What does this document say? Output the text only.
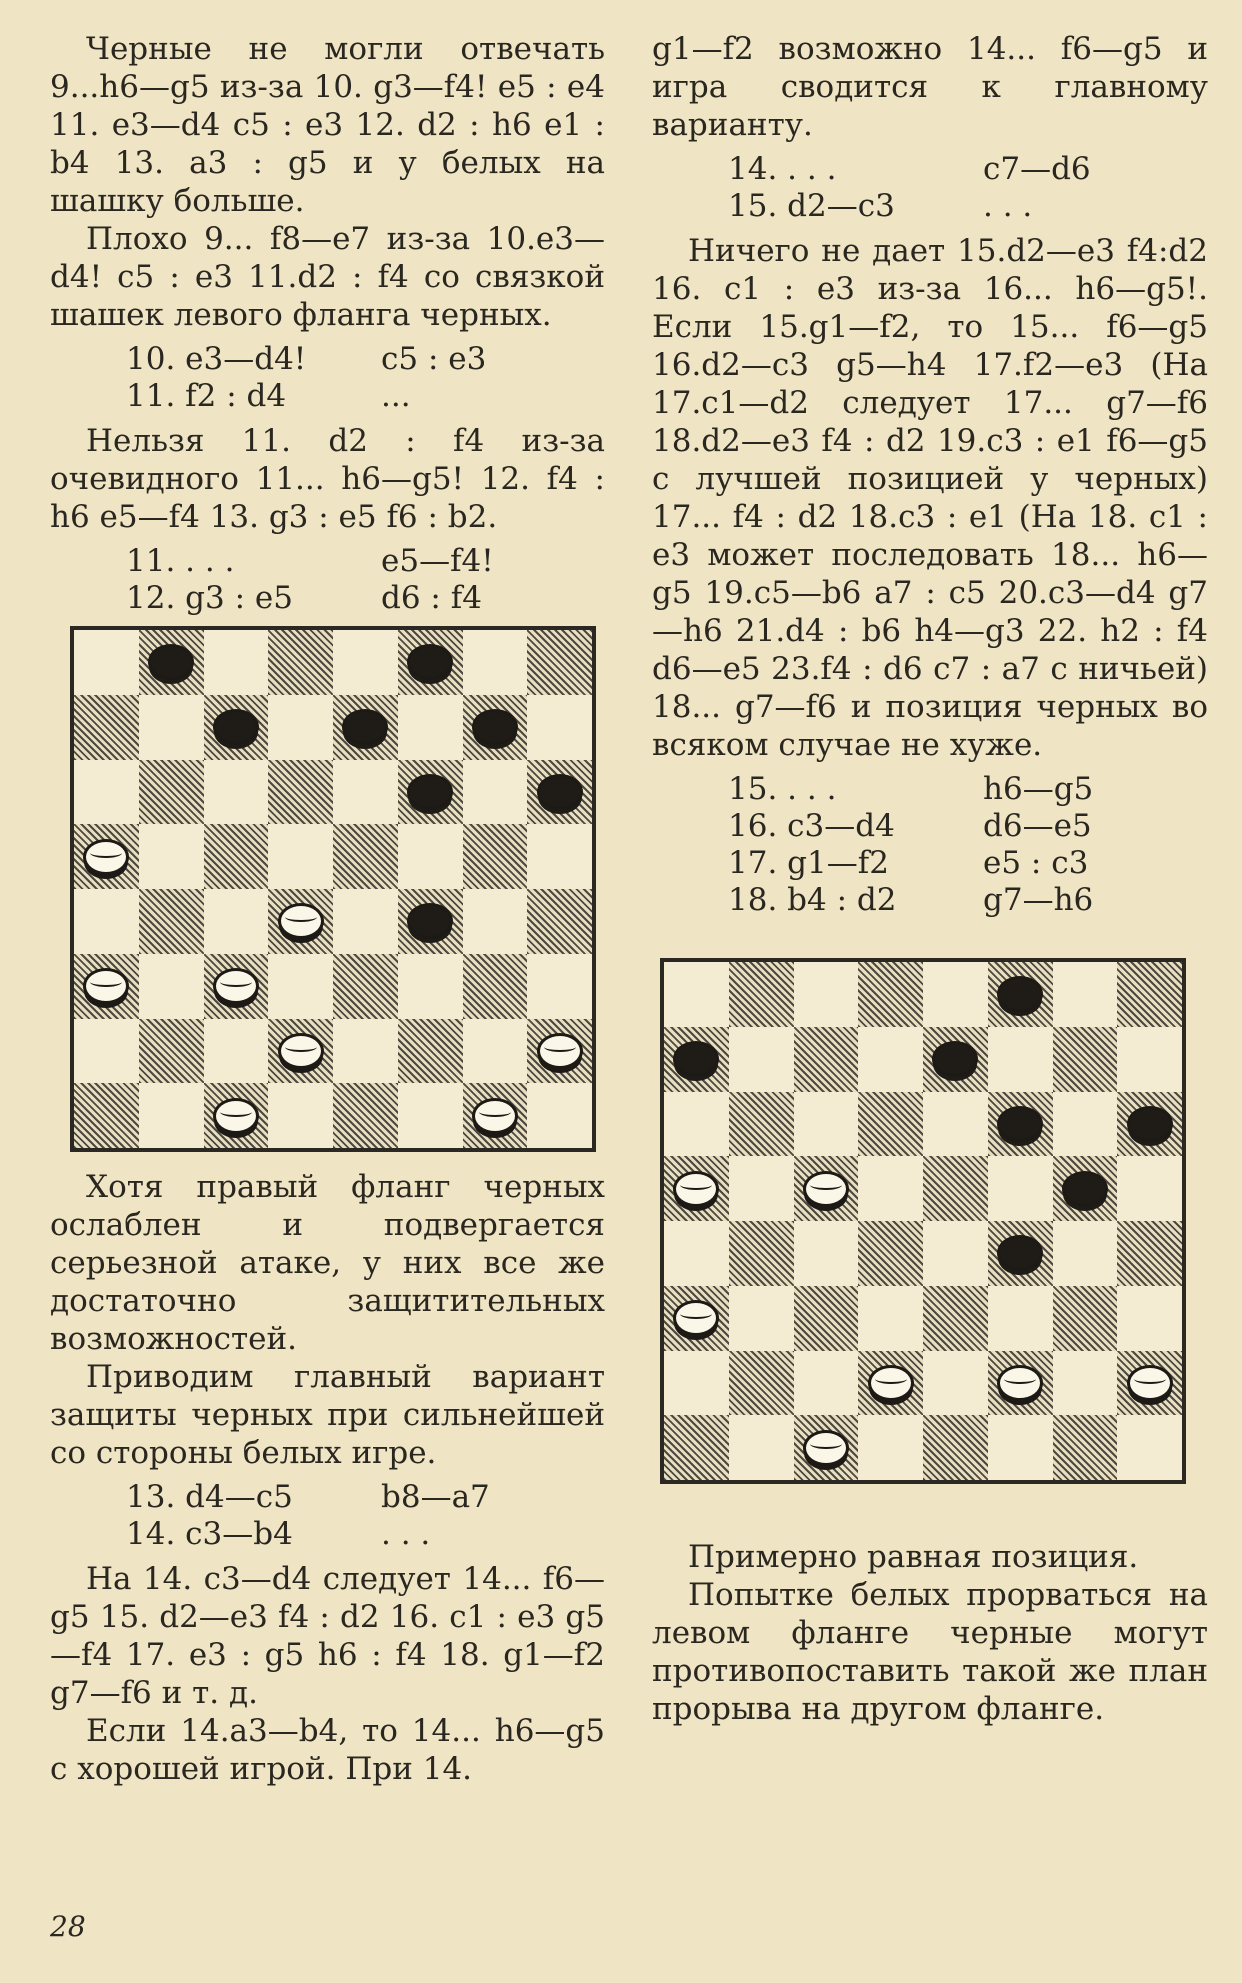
Черные не могли отвечать 9...h6—g5 из-за 10. g3—f4! e5 : e4 11. e3—d4 c5 : e3 12. d2 : h6 e1 : b4 13. a3 : g5 и у белых на шашку больше.

Плохо 9... f8—e7 из-за 10.e3—d4! c5 : e3 11.d2 : f4 со связкой шашек левого фланга черных.

10. e3—d4!	c5 : e3
11. f2 : d4	...

Нельзя 11. d2 : f4 из-за очевидного 11... h6—g5! 12. f4 : h6 e5—f4 13. g3 : e5 f6 : b2.

11. . . .	e5—f4!
12. g3 : e5	d6 : f4

Хотя правый фланг черных ослаблен и подвергается серьезной атаке, у них все же достаточно защитительных возможностей.

Приводим главный вариант защиты черных при сильнейшей со стороны белых игре.

13. d4—c5	b8—a7
14. c3—b4	. . .

На 14. c3—d4 следует 14... f6—g5 15. d2—e3 f4 : d2 16. c1 : e3 g5—f4 17. e3 : g5 h6 : f4 18. g1—f2 g7—f6 и т. д.

Если 14.a3—b4, то 14... h6—g5 с хорошей игрой. При 14.

g1—f2 возможно 14... f6—g5 и игра сводится к главному варианту.

14. . . .	c7—d6
15. d2—c3	. . .

Ничего не дает 15.d2—e3 f4:d2 16. c1 : e3 из-за 16... h6—g5!. Если 15.g1—f2, то 15... f6—g5 16.d2—c3 g5—h4 17.f2—e3 (На 17.c1—d2 следует 17... g7—f6 18.d2—e3 f4 : d2 19.c3 : e1 f6—g5 с лучшей позицией у черных) 17... f4 : d2 18.c3 : e1 (На 18. c1 : e3 может последовать 18... h6—g5 19.c5—b6 a7 : c5 20.c3—d4 g7—h6 21.d4 : b6 h4—g3 22. h2 : f4 d6—e5 23.f4 : d6 c7 : a7 с ничьей) 18... g7—f6 и позиция черных во всяком случае не хуже.

15. . . .	h6—g5
16. c3—d4	d6—e5
17. g1—f2	e5 : c3
18. b4 : d2	g7—h6

Примерно равная позиция.

Попытке белых прорваться на левом фланге черные могут противопоставить такой же план прорыва на другом фланге.

28
